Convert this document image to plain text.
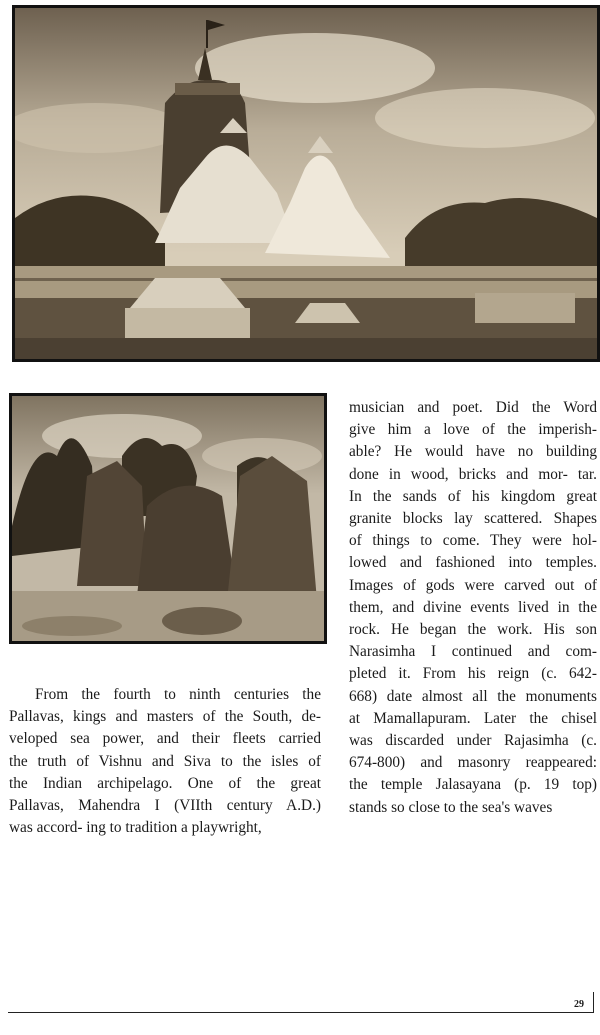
musician and poet. Did the Word
give him a love of the imperish-
able? He would have no building
done in wood, bricks and mor- tar.
In the sands of his kingdom great
granite blocks lay scattered. Shapes
of things to come. They were hol-
lowed and fashioned into temples.
Images of gods were carved out of
them, and divine events lived in the
rock. He began the work. His son
Narasimha I continued and com-
pleted it. From his reign (c. 642-
668) date almost all the monuments
at Mamallapuram. Later the chisel
was discarded under Rajasimha (c.
674-800) and masonry reappeared:
the temple Jalasayana (p. 19 top)
stands so close to the sea's waves
From the fourth to ninth centuries the
Pallavas, kings and masters of the South, de-
veloped sea power, and their fleets carried
the truth of Vishnu and Siva to the isles of
the Indian archipelago. One of the great
Pallavas, Mahendra I (VIIth century A.D.)
was accord- ing to tradition a playwright,
29
